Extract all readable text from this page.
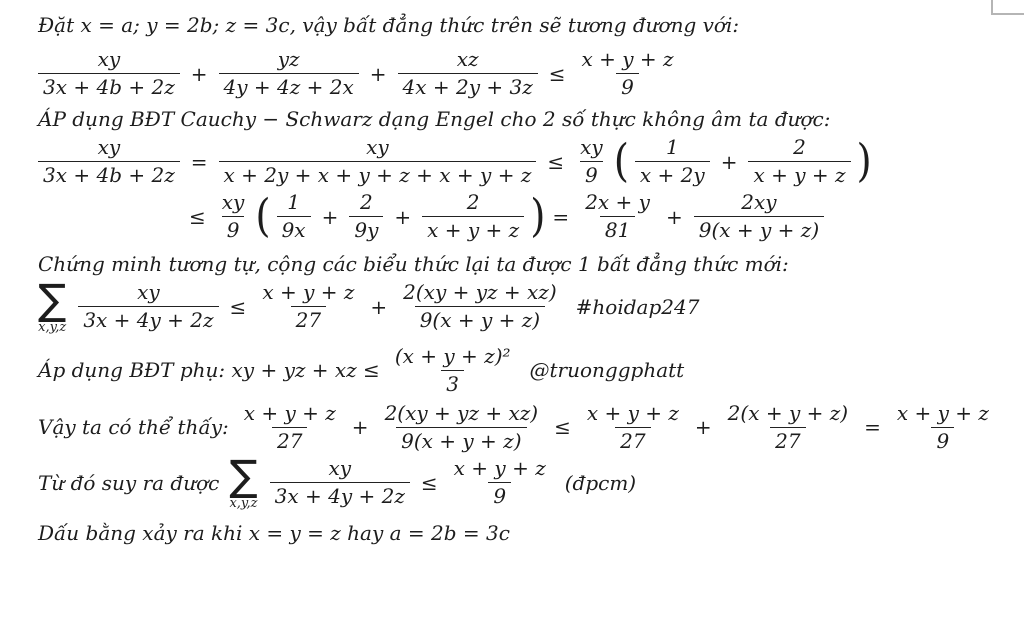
Đặt x = a; y = 2b; z = 3c, vậy bất đẳng thức trên sẽ tương đương với:
$\frac{xy}{3x + 4b + 2z} + \frac{yz}{4y + 4z + 2x} + \frac{xz}{4x + 2y + 3z} \le \frac{x + y + z}{9}$
ÁP dụng BĐT Cauchy − Schwarz dạng Engel cho 2 số thực không âm ta được:
$\frac{xy}{3x + 4b + 2z} = \frac{xy}{x + 2y + x + y + z + x + y + z} \le \frac{xy}{9}$ ( $\frac{1}{x + 2y} + \frac{2}{x + y + z}$ )
≤ $\frac{xy}{9}$ ( $\frac{1}{9x} + \frac{2}{9y} + \frac{2}{x + y + z}$ ) = $\frac{2x + y}{81} + \frac{2xy}{9(x + y + z)}$
Chứng minh tương tự, cộng các biểu thức lại ta được 1 bất đẳng thức mới:
∑
$x,y,z \frac{xy}{3x + 4y + 2z} \le \frac{x + y + z}{27} + \frac{2(xy + yz + xz)}{9(x + y + z)}$ #hoidap247
Áp dụng BĐT phụ: xy + yz + xz ≤ $\frac{\text{(x + y + z)²}}{3}$ @truonggphatt
Vậy ta có thể thấy: $\frac{x + y + z}{27} + \frac{2(xy + yz + xz)}{9(x + y + z)} \le \frac{x + y + z}{27} + \frac{2(x + y + z)}{27} = \frac{x + y + z}{9}$
Từ đó suy ra được ∑
$x,y,z \frac{xy}{3x + 4y + 2z} \le \frac{x + y + z}{9}$ (đpcm)
Dấu bằng xảy ra khi x = y = z hay a = 2b = 3c
